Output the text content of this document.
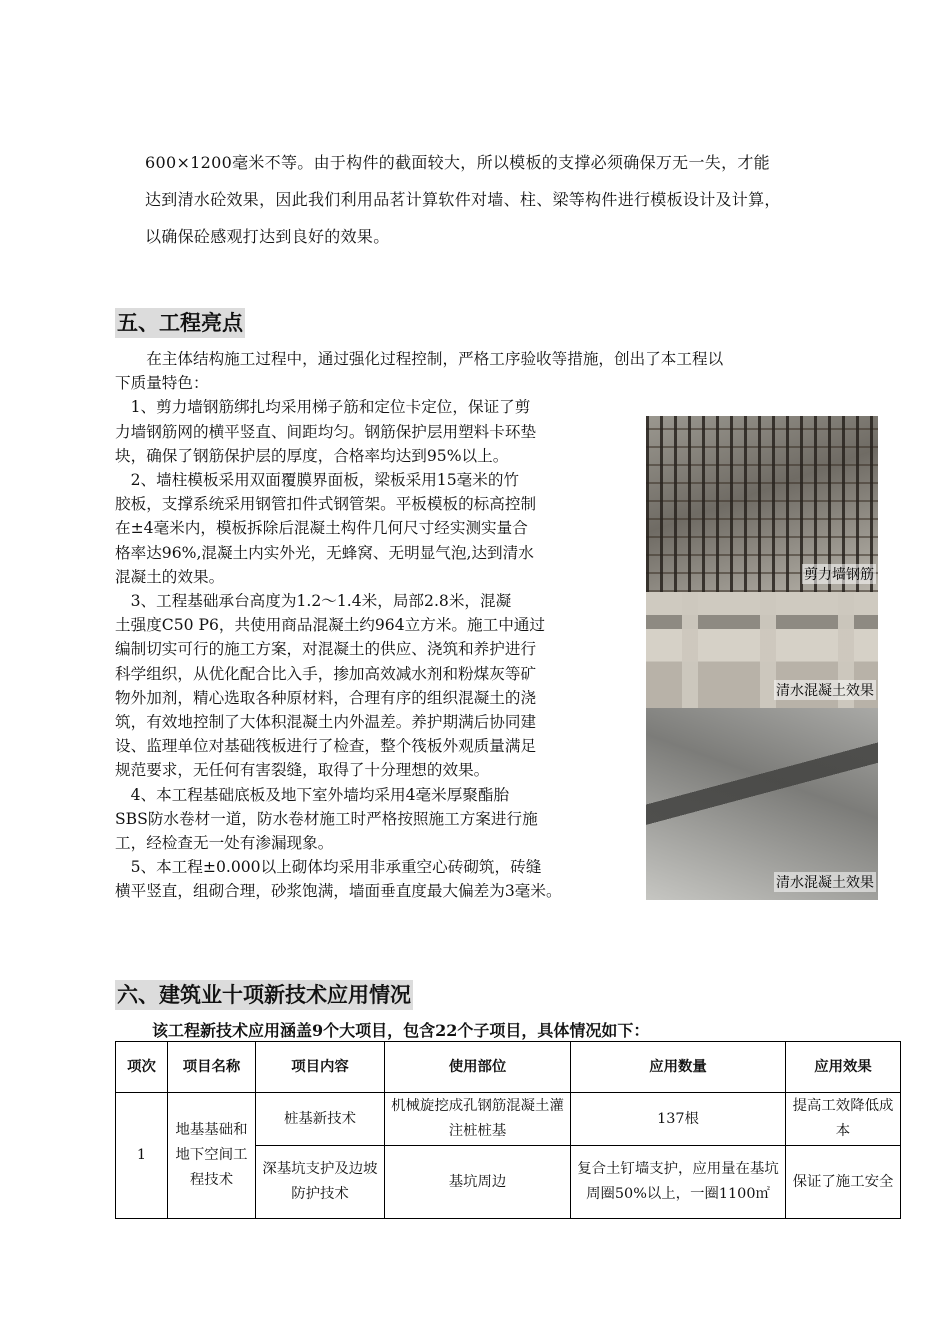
600×1200毫米不等。由于构件的截面较大，所以模板的支撑必须确保万无一失，才能

达到清水砼效果，因此我们利用品茗计算软件对墙、柱、梁等构件进行模板设计及计算，

以确保砼感观打达到良好的效果。

五、工程亮点

　　在主体结构施工过程中，通过强化过程控制，严格工序验收等措施，创出了本工程以

下质量特色：

　1、剪力墙钢筋绑扎均采用梯子筋和定位卡定位，保证了剪

力墙钢筋网的横平竖直、间距均匀。钢筋保护层用塑料卡环垫

块，确保了钢筋保护层的厚度，合格率均达到95%以上。

　2、墙柱模板采用双面覆膜界面板，梁板采用15毫米的竹

胶板，支撑系统采用钢管扣件式钢管架。平板模板的标高控制

在±4毫米内，模板拆除后混凝土构件几何尺寸经实测实量合

格率达96%,混凝土内实外光，无蜂窝、无明显气泡,达到清水

混凝土的效果。

　3、工程基础承台高度为1.2～1.4米，局部2.8米，混凝

土强度C50 P6，共使用商品混凝土约964立方米。施工中通过

编制切实可行的施工方案，对混凝土的供应、浇筑和养护进行

科学组织，从优化配合比入手，掺加高效减水剂和粉煤灰等矿

物外加剂，精心选取各种原材料，合理有序的组织混凝土的浇

筑，有效地控制了大体积混凝土内外温差。养护期满后协同建

设、监理单位对基础筏板进行了检查，整个筏板外观质量满足

规范要求，无任何有害裂缝，取得了十分理想的效果。

　4、本工程基础底板及地下室外墙均采用4毫米厚聚酯胎

SBS防水卷材一道，防水卷材施工时严格按照施工方案进行施

工，经检查无一处有渗漏现象。

　5、本工程±0.000以上砌体均采用非承重空心砖砌筑，砖缝

横平竖直，组砌合理，砂浆饱满，墙面垂直度最大偏差为3毫米。

剪力墙钢筋
清水混凝土效果
清水混凝土效果
六、建筑业十项新技术应用情况
该工程新技术应用涵盖9个大项目，包含22个子项目，具体情况如下：
项次	项目名称	项目内容	使用部位	应用数量	应用效果
1	地基基础和地下空间工程技术	桩基新技术	机械旋挖成孔钢筋混凝土灌注桩桩基	137根	提高工效降低成本
		深基坑支护及边坡防护技术	基坑周边	复合土钉墙支护，应用量在基坑周圈50%以上，一圈1100㎡	保证了施工安全
